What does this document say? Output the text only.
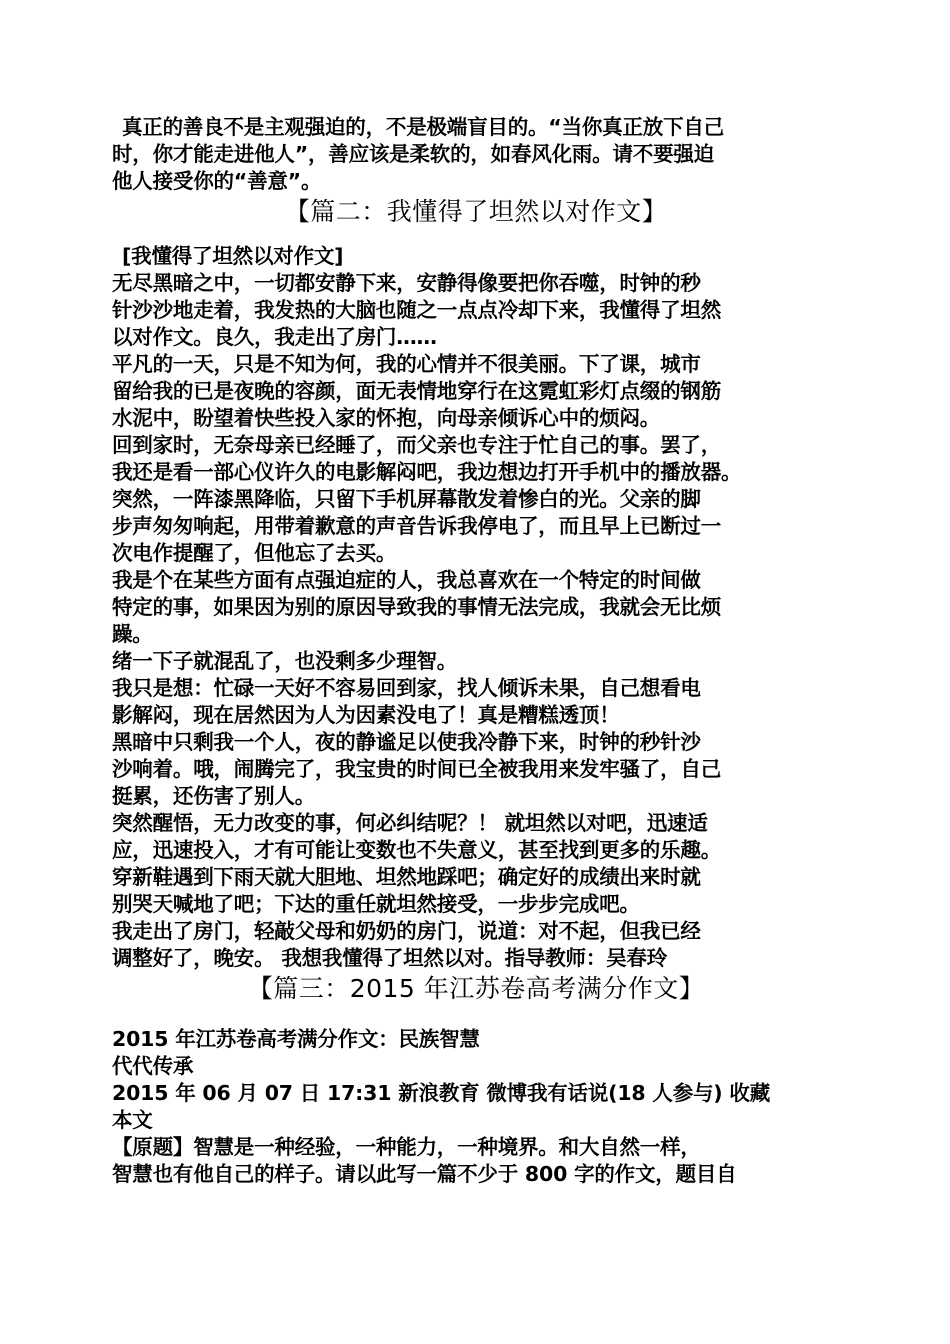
真正的善良不是主观强迫的，不是极端盲目的。“当你真正放下自己

时，你才能走进他人”，善应该是柔软的，如春风化雨。请不要强迫

他人接受你的“善意”。

【篇二：我懂得了坦然以对作文】

[我懂得了坦然以对作文]

无尽黑暗之中，一切都安静下来，安静得像要把你吞噬，时钟的秒

针沙沙地走着，我发热的大脑也随之一点点冷却下来，我懂得了坦然

以对作文。良久，我走出了房门……

平凡的一天，只是不知为何，我的心情并不很美丽。下了课，城市

留给我的已是夜晚的容颜，面无表情地穿行在这霓虹彩灯点缀的钢筋

水泥中，盼望着快些投入家的怀抱，向母亲倾诉心中的烦闷。

回到家时，无奈母亲已经睡了，而父亲也专注于忙自己的事。罢了，

我还是看一部心仪许久的电影解闷吧，我边想边打开手机中的播放器。

突然，一阵漆黑降临，只留下手机屏幕散发着惨白的光。父亲的脚

步声匆匆响起，用带着歉意的声音告诉我停电了，而且早上已断过一

次电作提醒了，但他忘了去买。

我是个在某些方面有点强迫症的人，我总喜欢在一个特定的时间做

特定的事，如果因为别的原因导致我的事情无法完成，我就会无比烦

躁。

绪一下子就混乱了，也没剩多少理智。

我只是想：忙碌一天好不容易回到家，找人倾诉未果，自己想看电

影解闷，现在居然因为人为因素没电了！真是糟糕透顶！

黑暗中只剩我一个人，夜的静谧足以使我冷静下来，时钟的秒针沙

沙响着。哦，闹腾完了，我宝贵的时间已全被我用来发牢骚了，自己

挺累，还伤害了别人。

突然醒悟，无力改变的事，何必纠结呢？！ 就坦然以对吧，迅速适

应，迅速投入，才有可能让变数也不失意义，甚至找到更多的乐趣。

穿新鞋遇到下雨天就大胆地、坦然地踩吧；确定好的成绩出来时就

别哭天喊地了吧；下达的重任就坦然接受，一步步完成吧。

我走出了房门，轻敲父母和奶奶的房门，说道：对不起，但我已经

调整好了，晚安。 我想我懂得了坦然以对。指导教师：吴春玲

【篇三：2015 年江苏卷高考满分作文】

2015 年江苏卷高考满分作文：民族智慧

代代传承

2015 年 06 月 07 日 17:31 新浪教育 微博我有话说(18 人参与) 收藏

本文

【原题】智慧是一种经验，一种能力，一种境界。和大自然一样，

智慧也有他自己的样子。请以此写一篇不少于 800 字的作文，题目自
